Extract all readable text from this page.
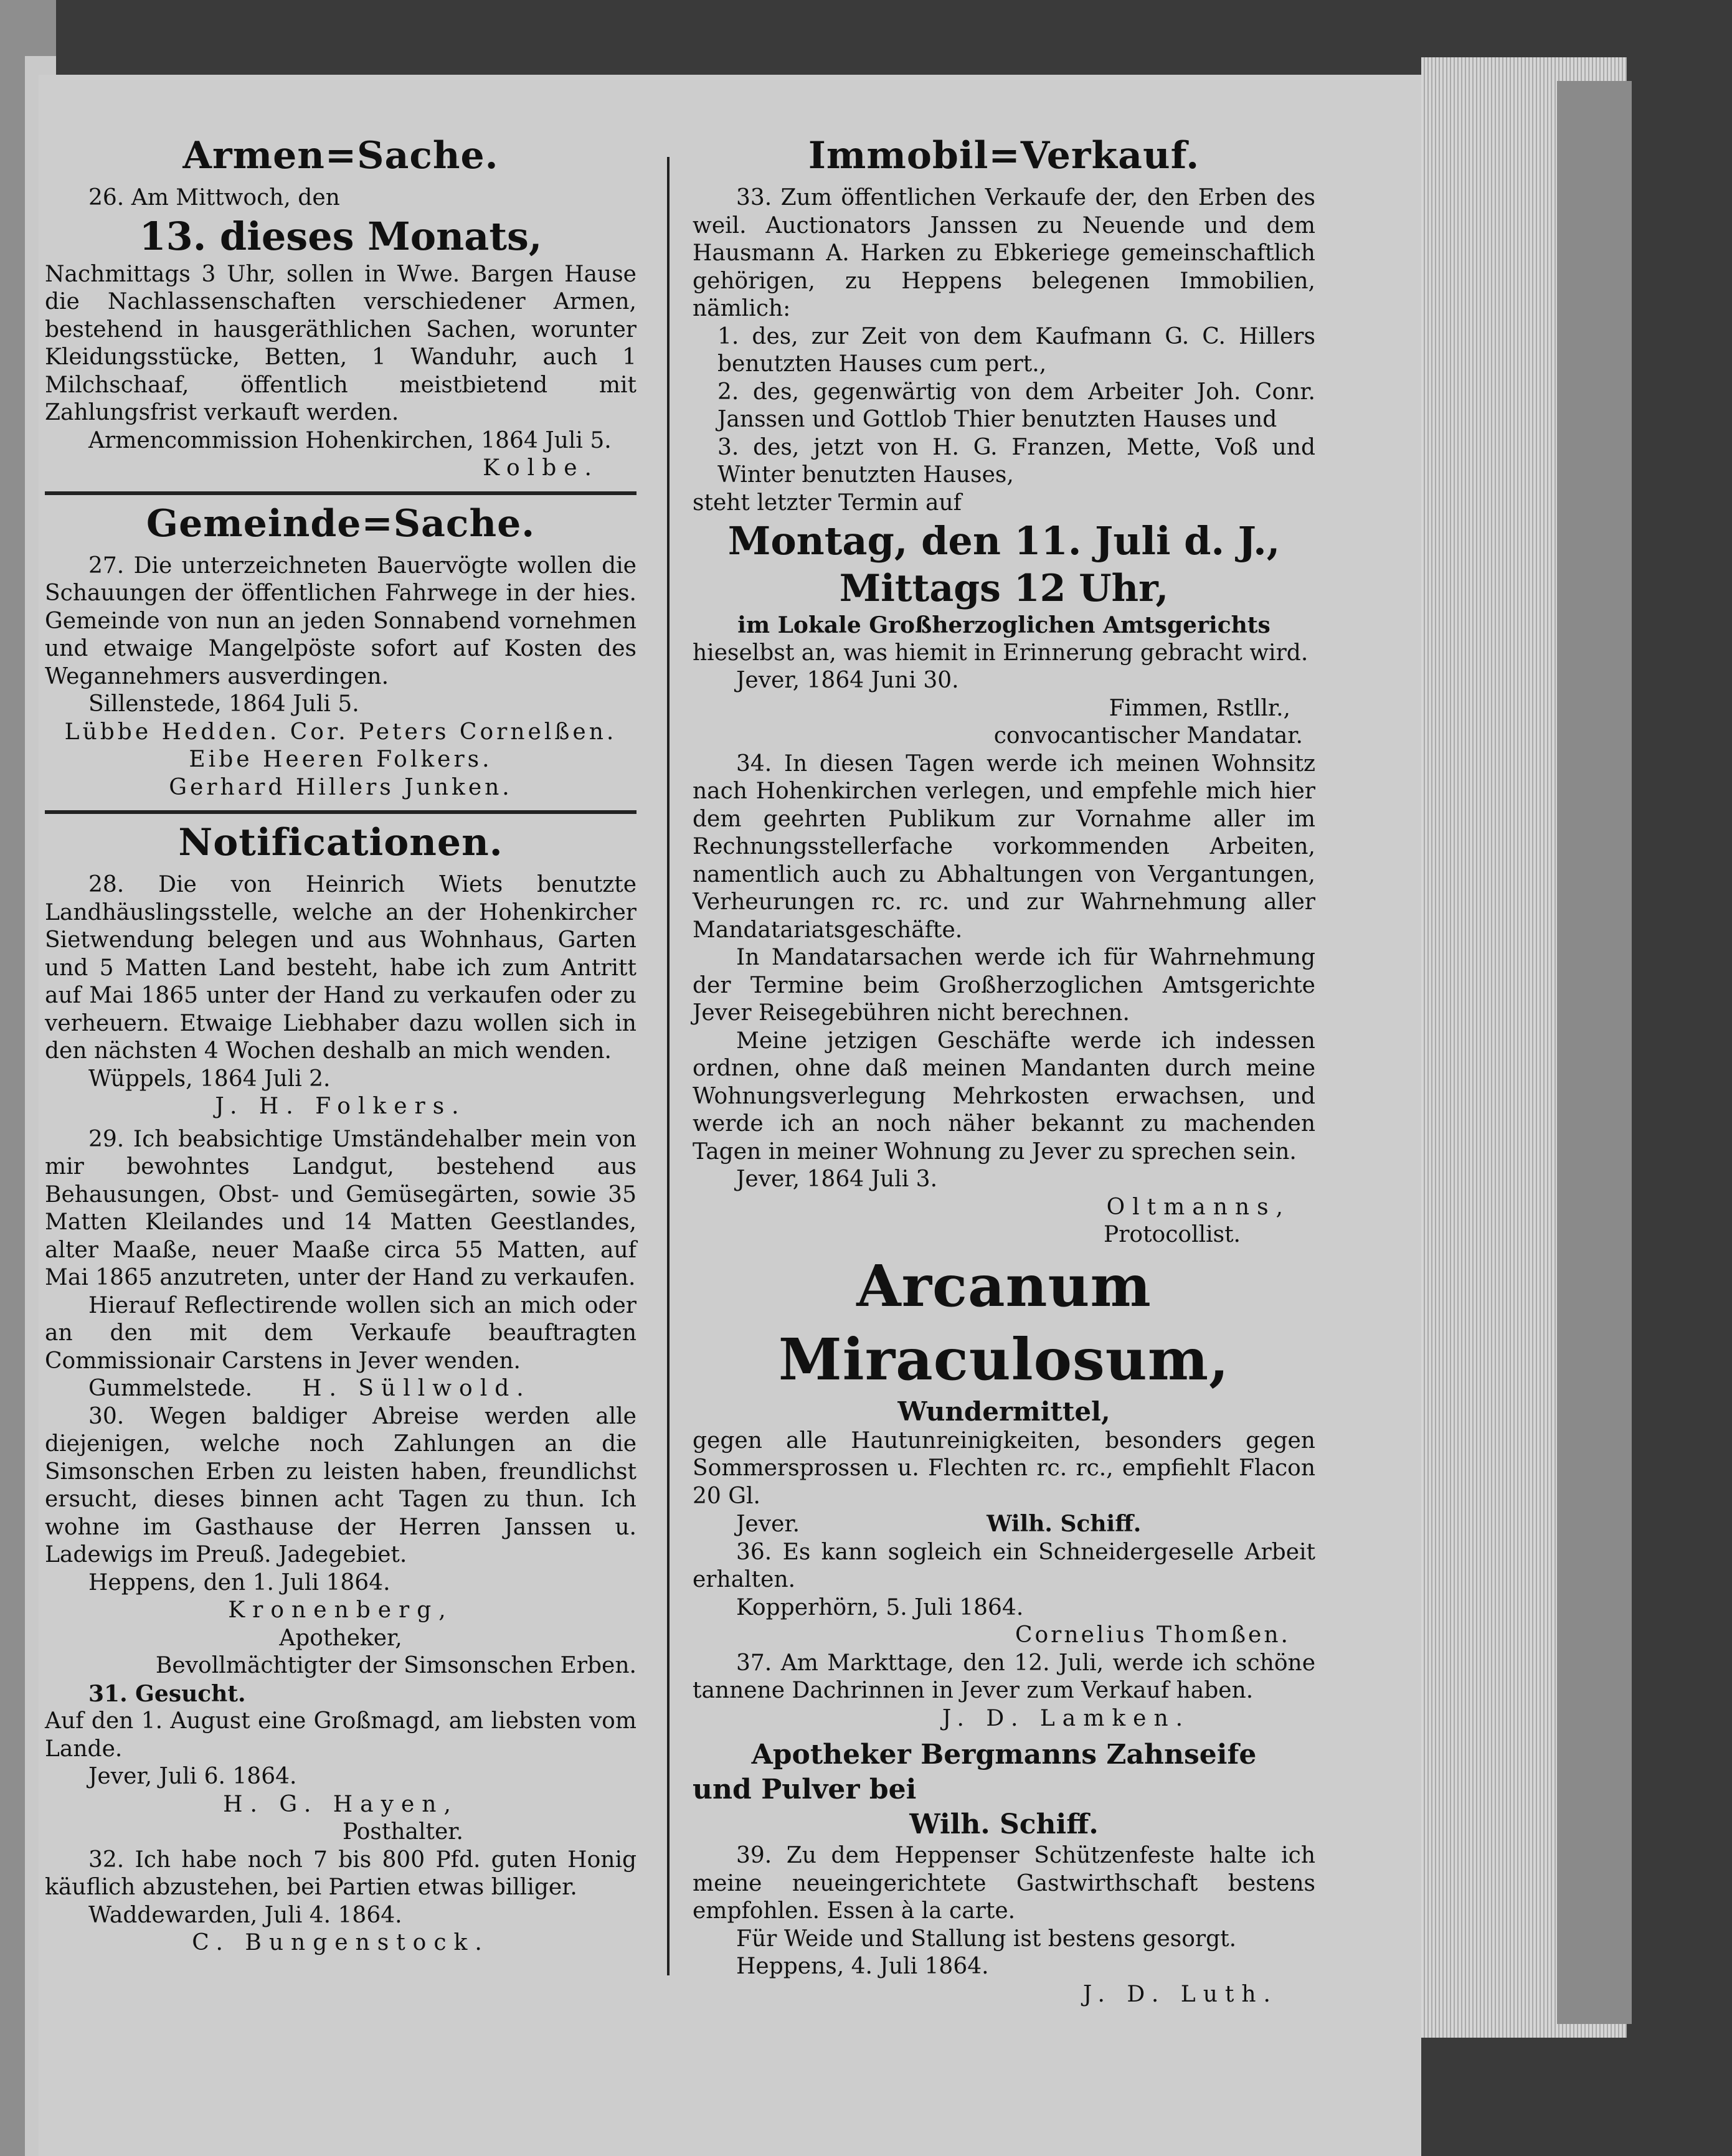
Armen=Sache.

26. Am Mittwoch, den

13. dieses Monats,

Nachmittags 3 Uhr, sollen in Wwe. Bargen Hause die Nachlassenschaften verschiedener Armen, bestehend in hausgeräthlichen Sachen, worunter Kleidungsstücke, Betten, 1 Wanduhr, auch 1 Milchschaaf, öffentlich meistbietend mit Zahlungsfrist verkauft werden.

Armencommission Hohenkirchen, 1864 Juli 5.

Kolbe.

Gemeinde=Sache.

27. Die unterzeichneten Bauervögte wollen die Schauungen der öffentlichen Fahrwege in der hies. Gemeinde von nun an jeden Sonnabend vornehmen und etwaige Mangelpöste sofort auf Kosten des Wegannehmers ausverdingen.

Sillenstede, 1864 Juli 5.

Lübbe Hedden. Cor. Peters Cornelßen.

Eibe Heeren Folkers.

Gerhard Hillers Junken.

Notificationen.

28. Die von Heinrich Wiets benutzte Landhäuslingsstelle, welche an der Hohenkircher Sietwendung belegen und aus Wohnhaus, Garten und 5 Matten Land besteht, habe ich zum Antritt auf Mai 1865 unter der Hand zu verkaufen oder zu verheuern. Etwaige Liebhaber dazu wollen sich in den nächsten 4 Wochen deshalb an mich wenden.

Wüppels, 1864 Juli 2.

J. H. Folkers.

29. Ich beabsichtige Umständehalber mein von mir bewohntes Landgut, bestehend aus Behausungen, Obst- und Gemüsegärten, sowie 35 Matten Kleilandes und 14 Matten Geestlandes, alter Maaße, neuer Maaße circa 55 Matten, auf Mai 1865 anzutreten, unter der Hand zu verkaufen.

Hierauf Reflectirende wollen sich an mich oder an den mit dem Verkaufe beauftragten Commissionair Carstens in Jever wenden.

Gummelstede. H. Süllwold.

30. Wegen baldiger Abreise werden alle diejenigen, welche noch Zahlungen an die Simsonschen Erben zu leisten haben, freundlichst ersucht, dieses binnen acht Tagen zu thun. Ich wohne im Gasthause der Herren Janssen u. Ladewigs im Preuß. Jadegebiet.

Heppens, den 1. Juli 1864.

Kronenberg,

Apotheker,

Bevollmächtigter der Simsonschen Erben.

31. Gesucht.

Auf den 1. August eine Großmagd, am liebsten vom Lande.

Jever, Juli 6. 1864.

H. G. Hayen,

Posthalter.

32. Ich habe noch 7 bis 800 Pfd. guten Honig käuflich abzustehen, bei Partien etwas billiger.

Waddewarden, Juli 4. 1864.

C. Bungenstock.

Immobil=Verkauf.

33. Zum öffentlichen Verkaufe der, den Erben des weil. Auctionators Janssen zu Neuende und dem Hausmann A. Harken zu Ebkeriege gemeinschaftlich gehörigen, zu Heppens belegenen Immobilien, nämlich:

1. des, zur Zeit von dem Kaufmann G. C. Hillers benutzten Hauses cum pert.,

2. des, gegenwärtig von dem Arbeiter Joh. Conr. Janssen und Gottlob Thier benutzten Hauses und

3. des, jetzt von H. G. Franzen, Mette, Voß und Winter benutzten Hauses,

steht letzter Termin auf

Montag, den 11. Juli d. J.,
Mittags 12 Uhr,

im Lokale Großherzoglichen Amtsgerichts

hieselbst an, was hiemit in Erinnerung gebracht wird.

Jever, 1864 Juni 30.

Fimmen, Rstllr.,

convocantischer Mandatar.

34. In diesen Tagen werde ich meinen Wohnsitz nach Hohenkirchen verlegen, und empfehle mich hier dem geehrten Publikum zur Vornahme aller im Rechnungsstellerfache vorkommenden Arbeiten, namentlich auch zu Abhaltungen von Vergantungen, Verheurungen rc. rc. und zur Wahrnehmung aller Mandatariatsgeschäfte.

In Mandatarsachen werde ich für Wahrnehmung der Termine beim Großherzoglichen Amtsgerichte Jever Reisegebühren nicht berechnen.

Meine jetzigen Geschäfte werde ich indessen ordnen, ohne daß meinen Mandanten durch meine Wohnungsverlegung Mehrkosten erwachsen, und werde ich an noch näher bekannt zu machenden Tagen in meiner Wohnung zu Jever zu sprechen sein.

Jever, 1864 Juli 3.

Oltmanns,

Protocollist.

Arcanum Miraculosum,

Wundermittel,

gegen alle Hautunreinigkeiten, besonders gegen Sommersprossen u. Flechten rc. rc., empfiehlt Flacon 20 Gl.

Jever.	Wilh. Schiff.

36. Es kann sogleich ein Schneidergeselle Arbeit erhalten.

Kopperhörn, 5. Juli 1864.

Cornelius Thomßen.

37. Am Markttage, den 12. Juli, werde ich schöne tannene Dachrinnen in Jever zum Verkauf haben.

J. D. Lamken.

Apotheker Bergmanns Zahnseife

und Pulver bei

Wilh. Schiff.

39. Zu dem Heppenser Schützenfeste halte ich meine neueingerichtete Gastwirthschaft bestens empfohlen. Essen à la carte.

Für Weide und Stallung ist bestens gesorgt.

Heppens, 4. Juli 1864.

J. D. Luth.
